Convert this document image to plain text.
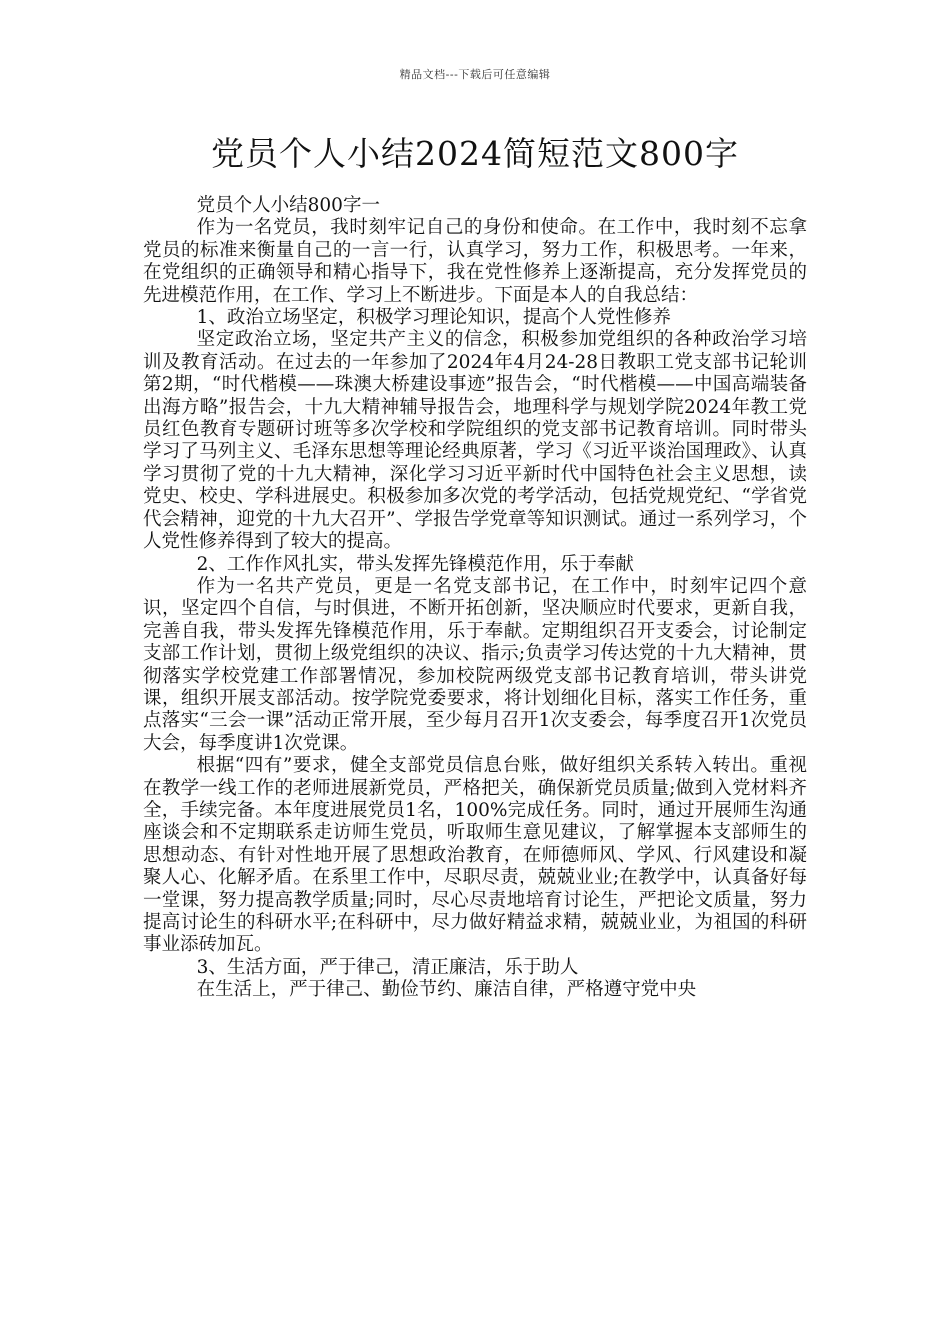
精品文档---下载后可任意编辑
党员个人小结2024简短范文800字

党员个人小结800字一

作为一名党员，我时刻牢记自己的身份和使命。在工作中，我时刻不忘拿党员的标准来衡量自己的一言一行，认真学习，努力工作，积极思考。一年来，在党组织的正确领导和精心指导下，我在党性修养上逐渐提高，充分发挥党员的先进模范作用，在工作、学习上不断进步。下面是本人的自我总结：

1、政治立场坚定，积极学习理论知识，提高个人党性修养

坚定政治立场，坚定共产主义的信念，积极参加党组织的各种政治学习培训及教育活动。在过去的一年参加了2024年4月24-28日教职工党支部书记轮训第2期，“时代楷模——珠澳大桥建设事迹”报告会，“时代楷模——中国高端装备出海方略”报告会，十九大精神辅导报告会，地理科学与规划学院2024年教工党员红色教育专题研讨班等多次学校和学院组织的党支部书记教育培训。同时带头学习了马列主义、毛泽东思想等理论经典原著，学习《习近平谈治国理政》、认真学习贯彻了党的十九大精神，深化学习习近平新时代中国特色社会主义思想，读党史、校史、学科进展史。积极参加多次党的考学活动，包括党规党纪、“学省党代会精神，迎党的十九大召开”、学报告学党章等知识测试。通过一系列学习，个人党性修养得到了较大的提高。

2、工作作风扎实，带头发挥先锋模范作用，乐于奉献

作为一名共产党员，更是一名党支部书记，在工作中，时刻牢记四个意识，坚定四个自信，与时俱进，不断开拓创新，坚决顺应时代要求，更新自我，完善自我，带头发挥先锋模范作用，乐于奉献。定期组织召开支委会，讨论制定支部工作计划，贯彻上级党组织的决议、指示;负责学习传达党的十九大精神，贯彻落实学校党建工作部署情况，参加校院两级党支部书记教育培训，带头讲党课，组织开展支部活动。按学院党委要求，将计划细化目标，落实工作任务，重点落实“三会一课”活动正常开展，至少每月召开1次支委会，每季度召开1次党员大会，每季度讲1次党课。

根据“四有”要求，健全支部党员信息台账，做好组织关系转入转出。重视在教学一线工作的老师进展新党员，严格把关，确保新党员质量;做到入党材料齐全，手续完备。本年度进展党员1名，100%完成任务。同时，通过开展师生沟通座谈会和不定期联系走访师生党员，听取师生意见建议，了解掌握本支部师生的思想动态、有针对性地开展了思想政治教育，在师德师风、学风、行风建设和凝聚人心、化解矛盾。在系里工作中，尽职尽责，兢兢业业;在教学中，认真备好每一堂课，努力提高教学质量;同时，尽心尽责地培育讨论生，严把论文质量，努力提高讨论生的科研水平;在科研中，尽力做好精益求精，兢兢业业，为祖国的科研事业添砖加瓦。

3、生活方面，严于律己，清正廉洁，乐于助人

在生活上，严于律己、勤俭节约、廉洁自律，严格遵守党中央
